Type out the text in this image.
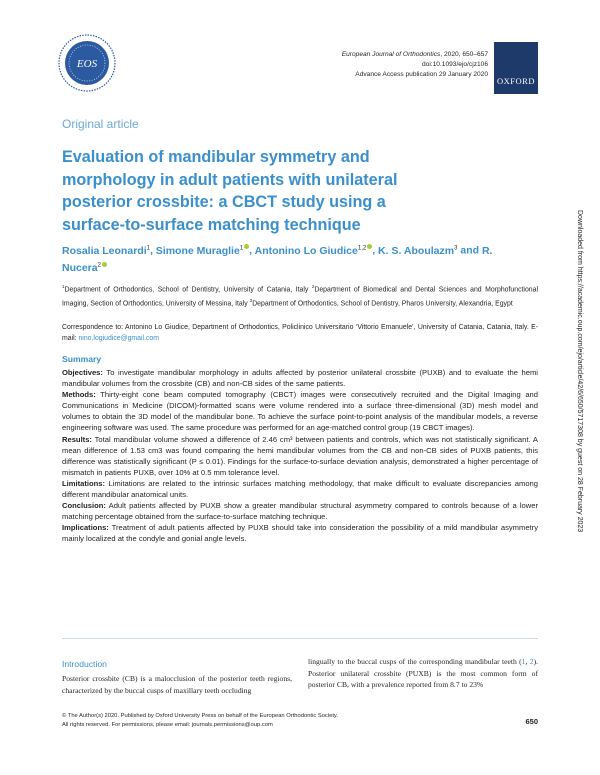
EOS
European Journal of Orthodontics, 2020, 650–657
doi:10.1093/ejo/cjz106
Advance Access publication 29 January 2020
OXFORD
Original article
Evaluation of mandibular symmetry and morphology in adult patients with unilateral posterior crossbite: a CBCT study using a surface-to-surface matching technique
Rosalia Leonardi$^1$, Simone Muraglie$^1$ , Antonino Lo Giudice$^{1,2}$ , K. S. Aboulazm$^3$ and R. Nucera$^2$
$^1$Department of Orthodontics, School of Dentistry, University of Catania, Italy $^2$Department of Biomedical and Dental Sciences and Morphofunctional Imaging, Section of Orthodontics, University of Messina, Italy $^3$Department of Orthodontics, School of Dentistry, Pharos University, Alexandria, Egypt
Correspondence to: Antonino Lo Giudice, Department of Orthodontics, Policlinico Universitario ‘Vittorio Emanuele’, University of Catania, Catania, Italy. E-mail: nino.logiudice@gmail.com
Summary

Objectives: To investigate mandibular morphology in adults affected by posterior unilateral crossbite (PUXB) and to evaluate the hemi mandibular volumes from the crossbite (CB) and non-CB sides of the same patients.

Methods: Thirty-eight cone beam computed tomography (CBCT) images were consecutively recruited and the Digital Imaging and Communications in Medicine (DICOM)-formatted scans were volume rendered into a surface three-dimensional (3D) mesh model and volumes to obtain the 3D model of the mandibular bone. To achieve the surface point-to-point analysis of the mandibular models, a reverse engineering software was used. The same procedure was performed for an age-matched control group (19 CBCT images).

Results: Total mandibular volume showed a difference of 2.46 cm³ between patients and controls, which was not statistically significant. A mean difference of 1.53 cm3 was found comparing the hemi mandibular volumes from the CB and non-CB sides of PUXB patients, this difference was statistically significant (P ≤ 0.01). Findings for the surface-to-surface deviation analysis, demonstrated a higher percentage of mismatch in patients PUXB, over 10% at 0.5 mm tolerance level.

Limitations: Limitations are related to the intrinsic surfaces matching methodology, that make difficult to evaluate discrepancies among different mandibular anatomical units.

Conclusion: Adult patients affected by PUXB show a greater mandibular structural asymmetry compared to controls because of a lower matching percentage obtained from the surface-to-surface matching technique.

Implications: Treatment of adult patients affected by PUXB should take into consideration the possibility of a mild mandibular asymmetry mainly localized at the condyle and gonial angle levels.

Introduction
Posterior crossbite (CB) is a malocclusion of the posterior teeth regions, characterized by the buccal cusps of maxillary teeth occluding
lingually to the buccal cusps of the corresponding mandibular teeth (1, 2). Posterior unilateral crossbite (PUXB) is the most common form of posterior CB, with a prevalence reported from 8.7 to 23%
© The Author(s) 2020. Published by Oxford University Press on behalf of the European Orthodontic Society.
All rights reserved. For permissions, please email: journals.permissions@oup.com	650
Downloaded from https://academic.oup.com/ejo/article/42/6/650/5717308 by guest on 28 February 2023
